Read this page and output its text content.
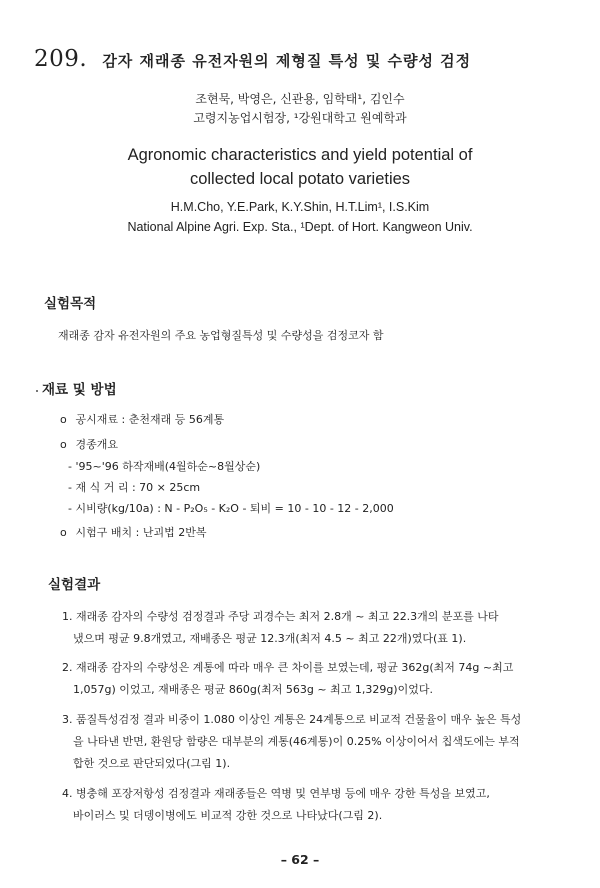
209. 감자 재래종 유전자원의 제형질 특성 및 수량성 검정
조현묵, 박영은, 신관용, 임학태¹, 김인수
고령지농업시험장, ¹강원대학고 원예학과
Agronomic characteristics and yield potential of
collected local potato varieties
H.M.Cho, Y.E.Park, K.Y.Shin, H.T.Lim¹, I.S.Kim
National Alpine Agri. Exp. Sta., ¹Dept. of Hort. Kangweon Univ.
실험목적
재래종 감자 유전자원의 주요 농업형질특성 및 수량성을 검정코자 함
재료 및 방법
o 공시재료 : 춘천재래 등 56계통
o 경종개요
- '95~'96 하작재배(4월하순~8월상순)
- 재 식 거 리 : 70 × 25cm
- 시비량(kg/10a) : N - P₂O₅ - K₂O - 퇴비 = 10 - 10 - 12 - 2,000
o 시험구 배치 : 난괴법 2반복
실험결과
1. 재래종 감자의 수량성 검정결과 주당 괴경수는 최저 2.8개 ~ 최고 22.3개의 분포를 나타
냈으며 평균 9.8개였고, 재배종은 평균 12.3개(최저 4.5 ~ 최고 22개)였다(표 1).
2. 재래종 감자의 수량성은 계통에 따라 매우 큰 차이를 보였는데, 평균 362g(최저 74g ~최고
1,057g) 이었고, 재배종은 평균 860g(최저 563g ~ 최고 1,329g)이었다.
3. 품질특성검정 결과 비중이 1.080 이상인 계통은 24계통으로 비교적 건물율이 매우 높은 특성
을 나타낸 반면, 환원당 함량은 대부분의 계통(46계통)이 0.25% 이상이어서 칩색도에는 부적
합한 것으로 판단되었다(그림 1).
4. 병충해 포장저항성 검정결과 재래종들은 역병 및 연부병 등에 매우 강한 특성을 보였고,
바이러스 및 더뎅이병에도 비교적 강한 것으로 나타났다(그림 2).
– 62 –
